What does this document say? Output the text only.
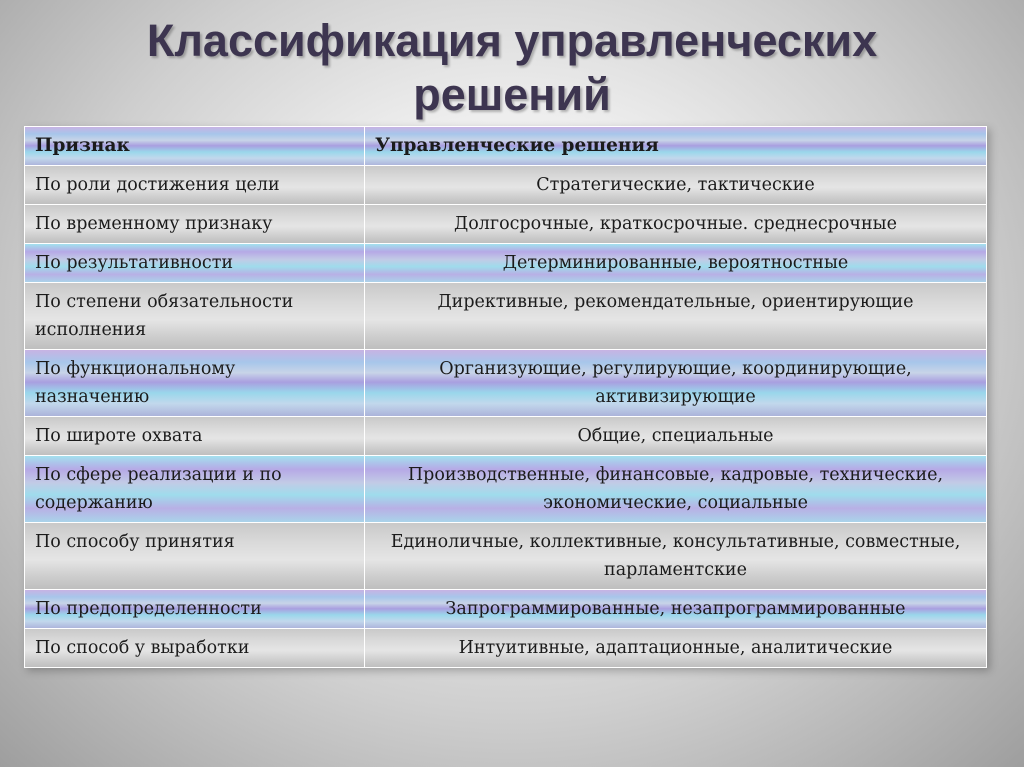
Классификация управленческих
решений
Признак	Управленческие решения
По роли достижения цели	Стратегические, тактические
По временному признаку	Долгосрочные, краткосрочные. среднесрочные
По результативности	Детерминированные, вероятностные
По степени обязательности исполнения	Директивные, рекомендательные, ориентирующие
По функциональному назначению	Организующие, регулирующие, координирующие, активизирующие
По широте охвата	Общие, специальные
По сфере реализации и по содержанию	Производственные, финансовые, кадровые, технические, экономические, социальные
По способу принятия	Единоличные, коллективные, консультативные, совместные, парламентские
По предопределенности	Запрограммированные, незапрограммированные
По способ у выработки	Интуитивные, адаптационные, аналитические
